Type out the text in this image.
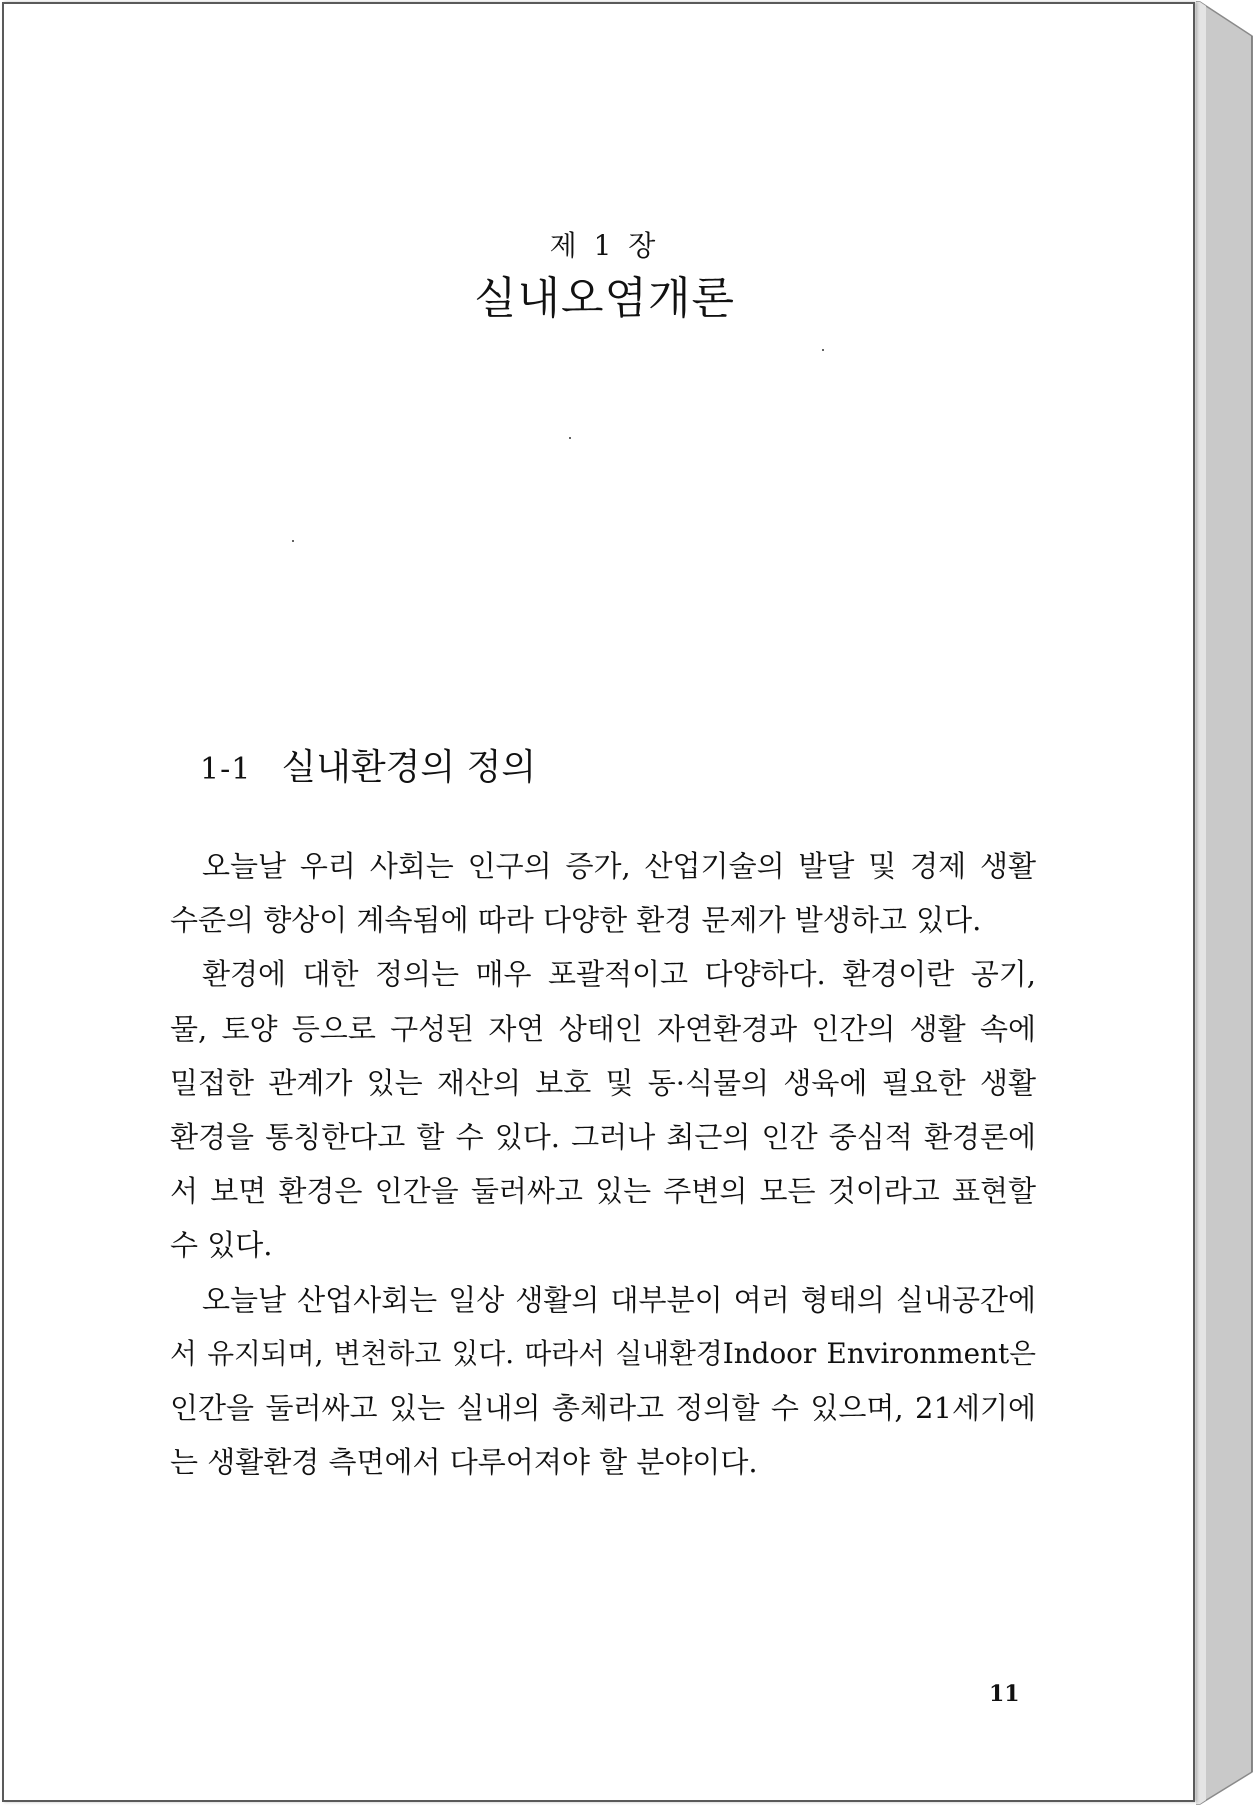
제 1 장
실내오염개론
1-1 실내환경의 정의

오늘날 우리 사회는 인구의 증가, 산업기술의 발달 및 경제 생활
수준의 향상이 계속됨에 따라 다양한 환경 문제가 발생하고 있다.

환경에 대한 정의는 매우 포괄적이고 다양하다. 환경이란 공기,
물, 토양 등으로 구성된 자연 상태인 자연환경과 인간의 생활 속에
밀접한 관계가 있는 재산의 보호 및 동·식물의 생육에 필요한 생활
환경을 통칭한다고 할 수 있다. 그러나 최근의 인간 중심적 환경론에
서 보면 환경은 인간을 둘러싸고 있는 주변의 모든 것이라고 표현할
수 있다.

오늘날 산업사회는 일상 생활의 대부분이 여러 형태의 실내공간에
서 유지되며, 변천하고 있다. 따라서 실내환경Indoor Environment은
인간을 둘러싸고 있는 실내의 총체라고 정의할 수 있으며, 21세기에
는 생활환경 측면에서 다루어져야 할 분야이다.

11
